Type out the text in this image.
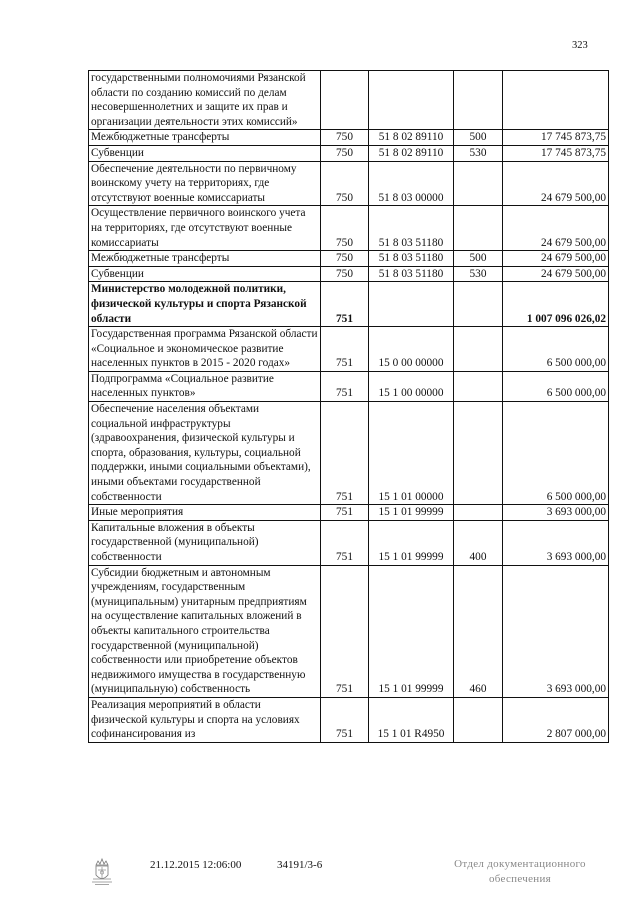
323
государственными полномочиями Рязанской области по созданию комиссий по делам несовершеннолетних и защите их прав и организации деятельности этих комиссий»				
Межбюджетные трансферты	750	51 8 02 89110	500	17 745 873,75
Субвенции	750	51 8 02 89110	530	17 745 873,75
Обеспечение деятельности по первичному воинскому учету на территориях, где отсутствуют военные комиссариаты	750	51 8 03 00000		24 679 500,00
Осуществление первичного воинского учета на территориях, где отсутствуют военные комиссариаты	750	51 8 03 51180		24 679 500,00
Межбюджетные трансферты	750	51 8 03 51180	500	24 679 500,00
Субвенции	750	51 8 03 51180	530	24 679 500,00
Министерство молодежной политики, физической культуры и спорта Рязанской области	751			1 007 096 026,02
Государственная программа Рязанской области «Социальное и экономическое развитие населенных пунктов в 2015 - 2020 годах»	751	15 0 00 00000		6 500 000,00
Подпрограмма «Социальное развитие населенных пунктов»	751	15 1 00 00000		6 500 000,00
Обеспечение населения объектами социальной инфраструктуры (здравоохранения, физической культуры и спорта, образования, культуры, социальной поддержки, иными социальными объектами), иными объектами государственной собственности	751	15 1 01 00000		6 500 000,00
Иные мероприятия	751	15 1 01 99999		3 693 000,00
Капитальные вложения в объекты государственной (муниципальной) собственности	751	15 1 01 99999	400	3 693 000,00
Субсидии бюджетным и автономным учреждениям, государственным (муниципальным) унитарным предприятиям на осуществление капитальных вложений в объекты капитального строительства государственной (муниципальной) собственности или приобретение объектов недвижимого имущества в государственную (муниципальную) собственность	751	15 1 01 99999	460	3 693 000,00
Реализация мероприятий в области физической культуры и спорта на условиях софинансирования из	751	15 1 01 R4950		2 807 000,00
21.12.2015 12:06:00	34191/3-6	Отдел документационного
обеспечения
